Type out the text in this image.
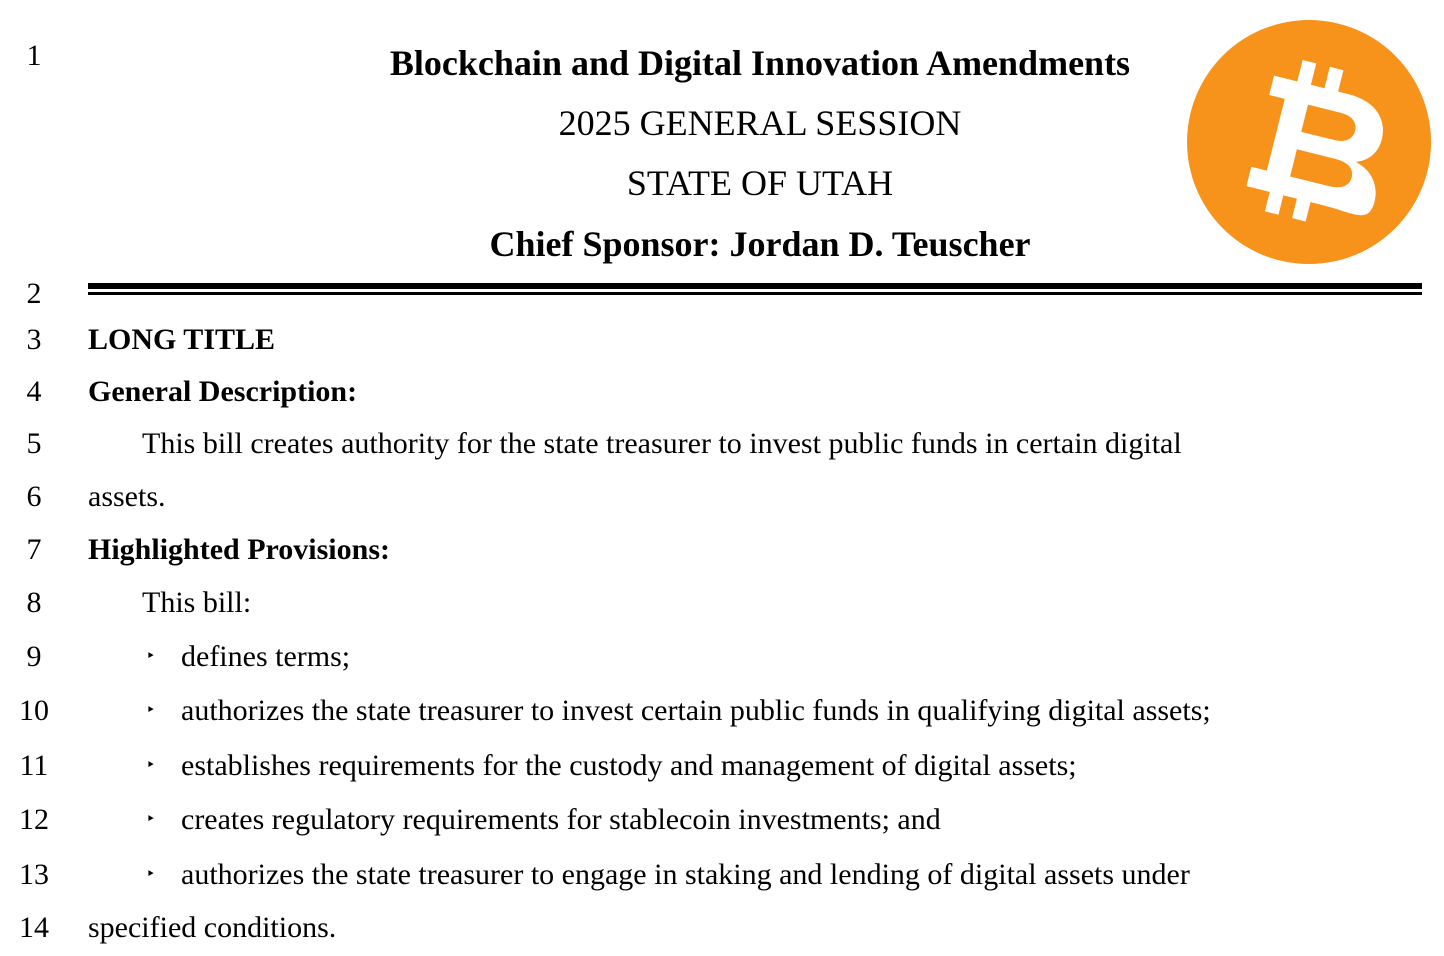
1
2
3
4
5
6
7
8
9
10
11
12
13
14
Blockchain and Digital Innovation Amendments
2025 GENERAL SESSION
STATE OF UTAH
Chief Sponsor: Jordan D. Teuscher
LONG TITLE
General Description:
This bill creates authority for the state treasurer to invest public funds in certain digital
assets.
Highlighted Provisions:
This bill:
‣ defines terms;
‣ authorizes the state treasurer to invest certain public funds in qualifying digital assets;
‣ establishes requirements for the custody and management of digital assets;
‣ creates regulatory requirements for stablecoin investments; and
‣ authorizes the state treasurer to engage in staking and lending of digital assets under
specified conditions.
